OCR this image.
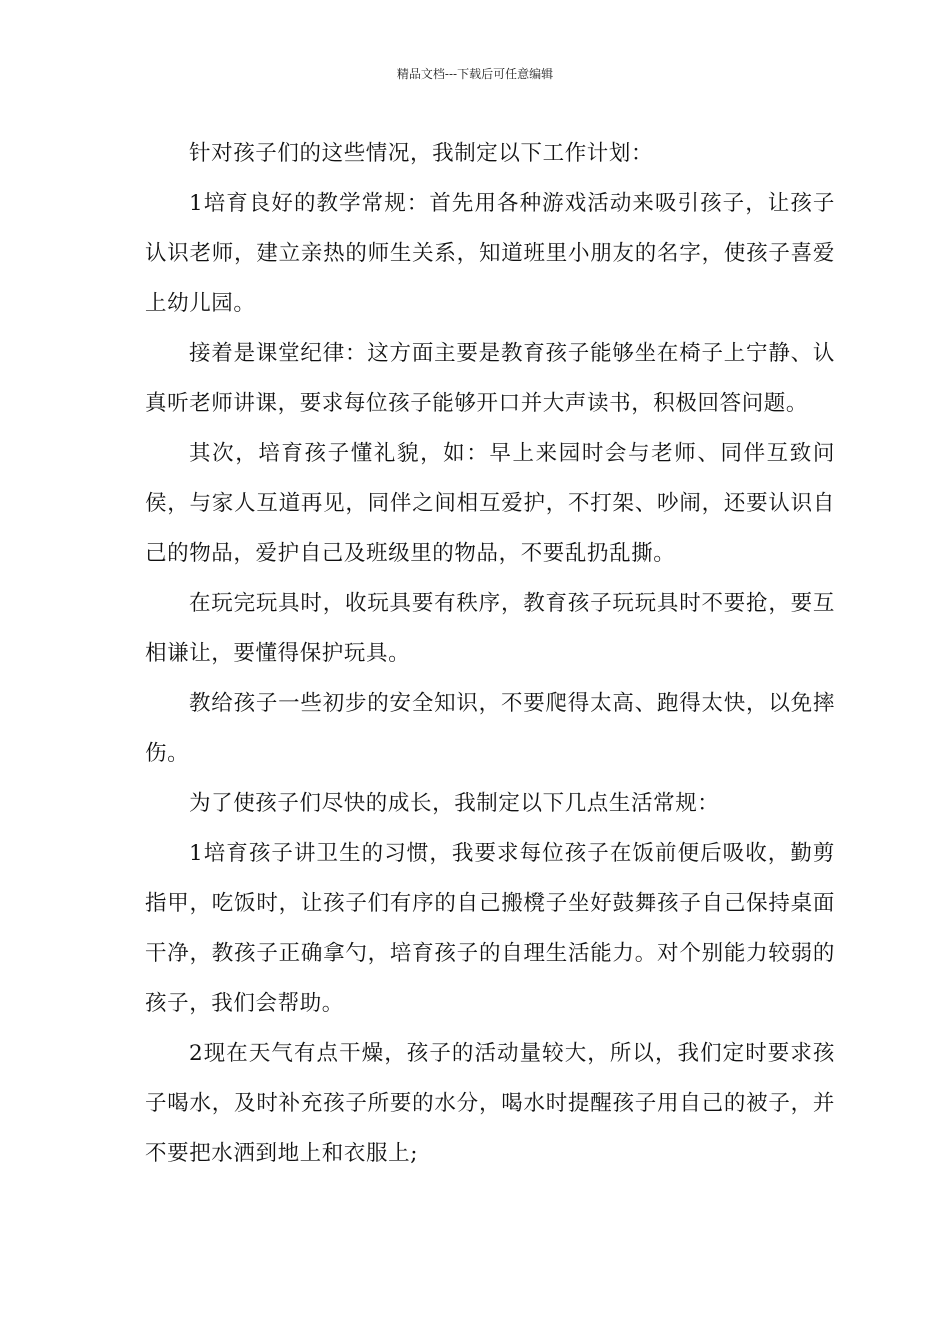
精品文档---下载后可任意编辑

针对孩子们的这些情况，我制定以下工作计划：

1培育良好的教学常规：首先用各种游戏活动来吸引孩子，让孩子认识老师，建立亲热的师生关系，知道班里小朋友的名字，使孩子喜爱上幼儿园。

接着是课堂纪律：这方面主要是教育孩子能够坐在椅子上宁静、认真听老师讲课，要求每位孩子能够开口并大声读书，积极回答问题。

其次，培育孩子懂礼貌，如：早上来园时会与老师、同伴互致问侯，与家人互道再见，同伴之间相互爱护，不打架、吵闹，还要认识自己的物品，爱护自己及班级里的物品，不要乱扔乱撕。

在玩完玩具时，收玩具要有秩序，教育孩子玩玩具时不要抢，要互相谦让，要懂得保护玩具。

教给孩子一些初步的安全知识，不要爬得太高、跑得太快，以免摔伤。

为了使孩子们尽快的成长，我制定以下几点生活常规：

1培育孩子讲卫生的习惯，我要求每位孩子在饭前便后吸收，勤剪指甲，吃饭时，让孩子们有序的自己搬櫈子坐好鼓舞孩子自己保持桌面干净，教孩子正确拿勺，培育孩子的自理生活能力。对个别能力较弱的孩子，我们会帮助。

2现在天气有点干燥，孩子的活动量较大，所以，我们定时要求孩子喝水，及时补充孩子所要的水分，喝水时提醒孩子用自己的被子，并不要把水洒到地上和衣服上;
